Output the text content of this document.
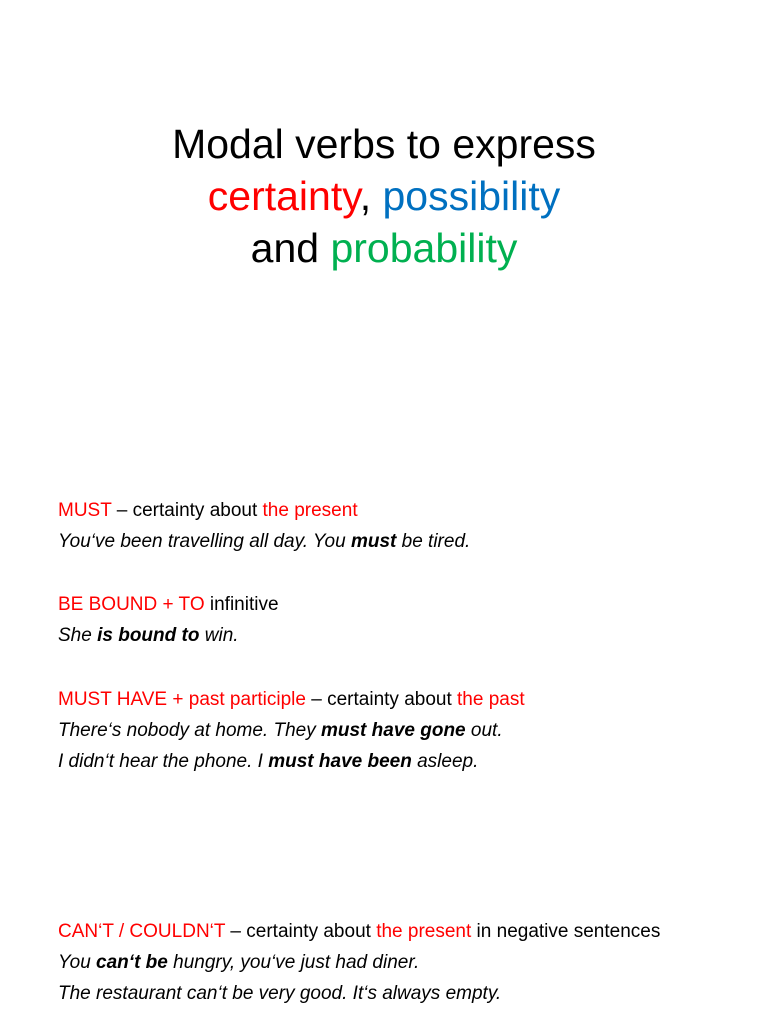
Modal verbs to express
certainty, possibility
and probability
MUST – certainty about the present
You‘ve been travelling all day. You must be tired.
BE BOUND + TO infinitive
She is bound to win.
MUST HAVE + past participle – certainty about the past
There‘s nobody at home. They must have gone out.
I didn‘t hear the phone. I must have been asleep.
CAN‘T / COULDN‘T – certainty about the present in negative sentences
You can‘t be hungry, you‘ve just had diner.
The restaurant can‘t be very good. It‘s always empty.
